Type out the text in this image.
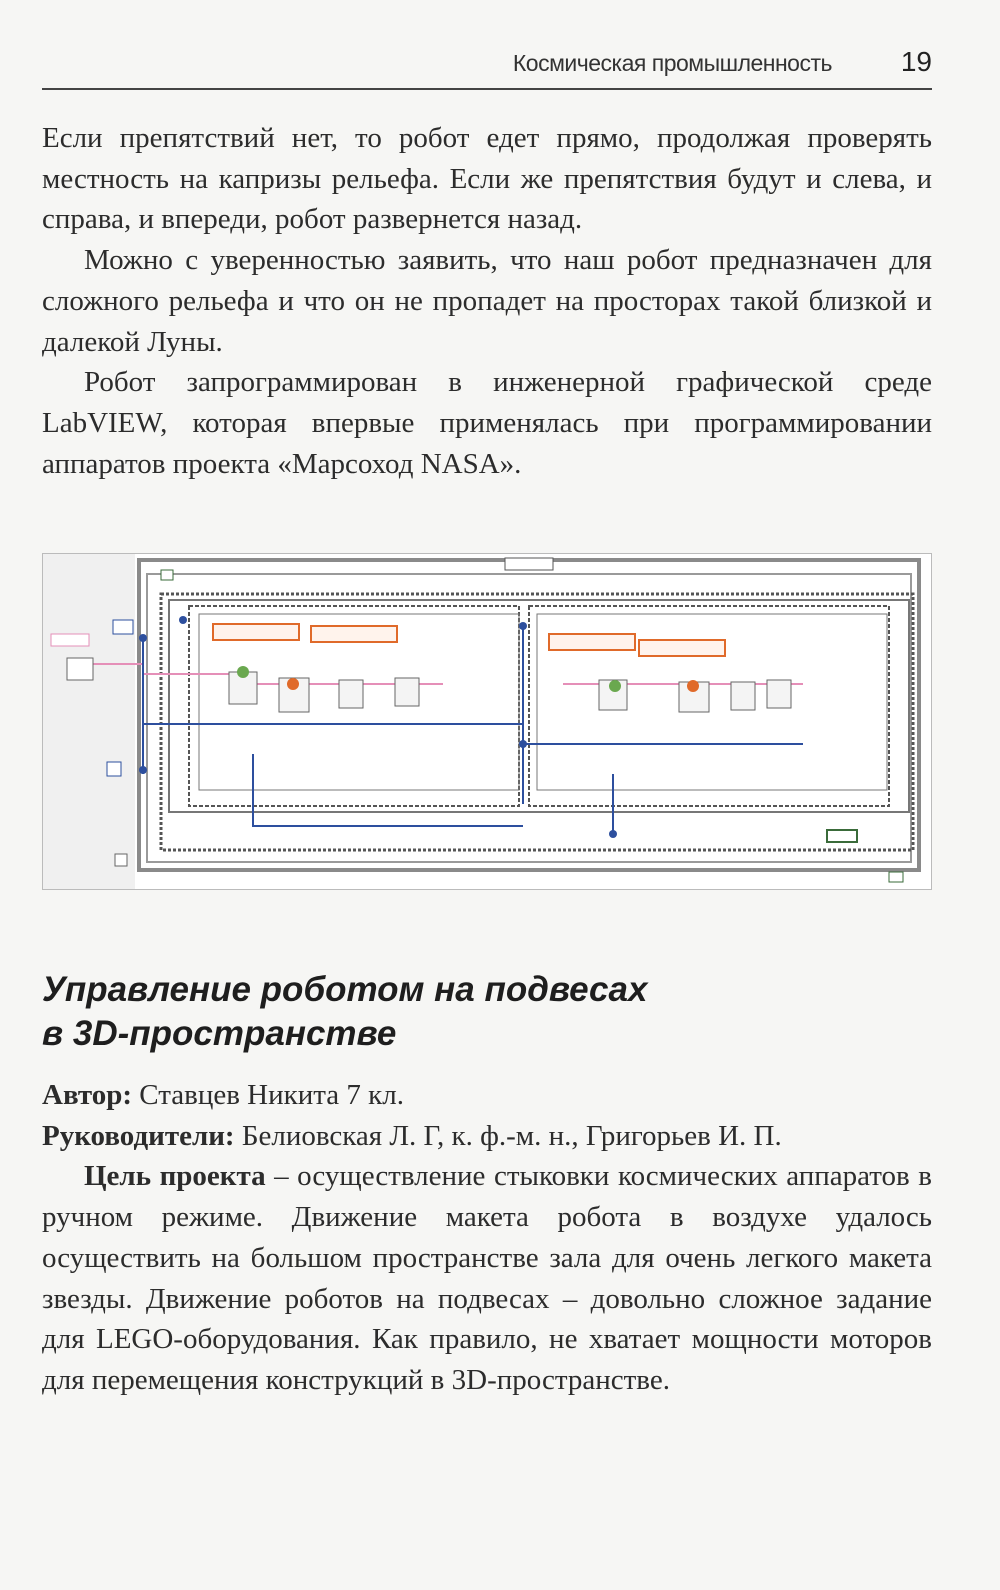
Космическая промышленность 19

Если препятствий нет, то робот едет прямо, продолжая проверять местность на капризы рельефа. Если же препятствия будут и слева, и справа, и впереди, робот развернется назад.

Можно с уверенностью заявить, что наш робот предназначен для сложного рельефа и что он не пропадет на просторах такой близкой и далекой Луны.

Робот запрограммирован в инженерной графической среде LabVIEW, которая впервые применялась при программировании аппаратов проекта «Марсоход NASA».

Управление роботом на подвесах
в 3D-пространстве

Автор: Ставцев Никита 7 кл.

Руководители: Белиовская Л. Г, к. ф.-м. н., Григорьев И. П.

Цель проекта – осуществление стыковки космических аппаратов в ручном режиме. Движение макета робота в воздухе удалось осуществить на большом пространстве зала для очень легкого макета звезды. Движение роботов на подвесах – довольно сложное задание для LEGO-оборудования. Как правило, не хватает мощности моторов для перемещения конструкций в 3D-пространстве.
